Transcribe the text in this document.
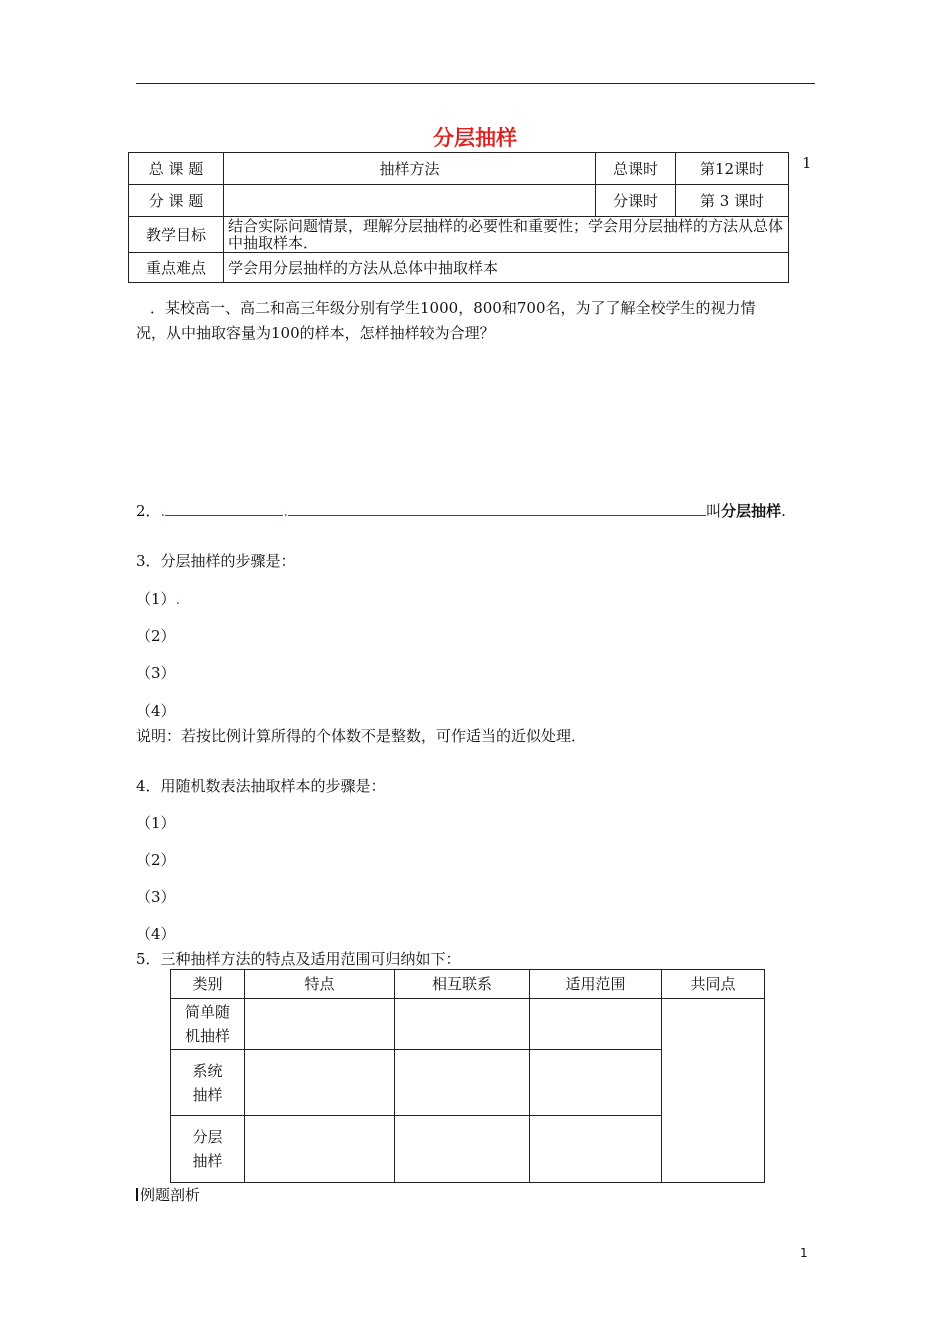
分层抽样
1
总 课 题	抽样方法	总课时	第12课时
分 课 题		分课时	第 3 课时
教学目标	结合实际问题情景，理解分层抽样的必要性和重要性；学会用分层抽样的方法从总体中抽取样本．		
重点难点	学会用分层抽样的方法从总体中抽取样本		
．某校高一、高二和高三年级分别有学生1000，800和700名，为了了解全校学生的视力情
况，从中抽取容量为100的样本，怎样抽样较为合理？
2．.	.	叫分层抽样.
3．分层抽样的步骤是：
（1）.
（2）
（3）
（4）
说明：若按比例计算所得的个体数不是整数，可作适当的近似处理．
4．用随机数表法抽取样本的步骤是：
（1）
（2）
（3）
（4）
5．三种抽样方法的特点及适用范围可归纳如下：
类别	特点	相互联系	适用范围	共同点

简单随
机抽样				

系统
抽样				

分层
抽样				

例题剖析
1
